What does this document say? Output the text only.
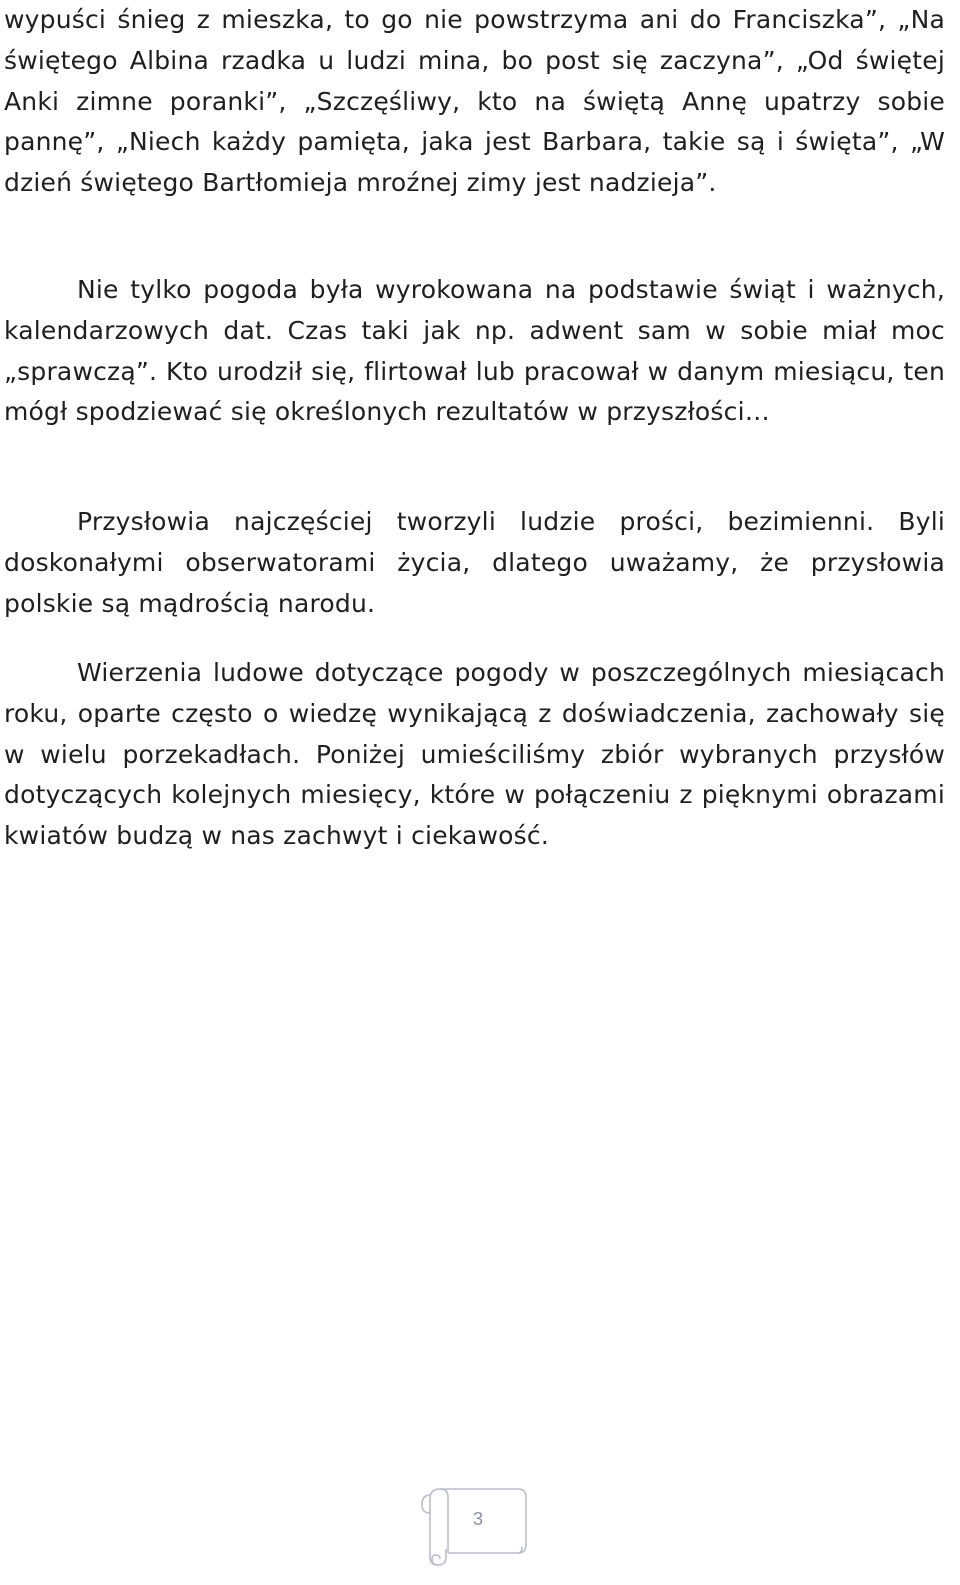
wypuści śnieg z mieszka, to go nie powstrzyma ani do Franciszka”, „Na świętego Albina rzadka u ludzi mina, bo post się zaczyna”, „Od świętej Anki zimne poranki”, „Szczęśliwy, kto na świętą Annę upatrzy sobie pannę”, „Niech każdy pamięta, jaka jest Barbara, takie są i święta”, „W dzień świętego Bartłomieja mroźnej zimy jest nadzieja”.

Nie tylko pogoda była wyrokowana na podstawie świąt i ważnych, kalendarzowych dat. Czas taki jak np. adwent sam w sobie miał moc „sprawczą”. Kto urodził się, flirtował lub pracował w danym miesiącu, ten mógł spodziewać się określonych rezultatów w przyszłości…

Przysłowia najczęściej tworzyli ludzie prości, bezimienni. Byli doskonałymi obserwatorami życia, dlatego uważamy, że przysłowia polskie są mądrością narodu.

Wierzenia ludowe dotyczące pogody w poszczególnych miesiącach roku, oparte często o wiedzę wynikającą z doświadczenia, zachowały się w wielu porzekadłach. Poniżej umieściliśmy zbiór wybranych przysłów dotyczących kolejnych miesięcy, które w połączeniu z pięknymi obrazami kwiatów budzą w nas zachwyt i ciekawość.

3
